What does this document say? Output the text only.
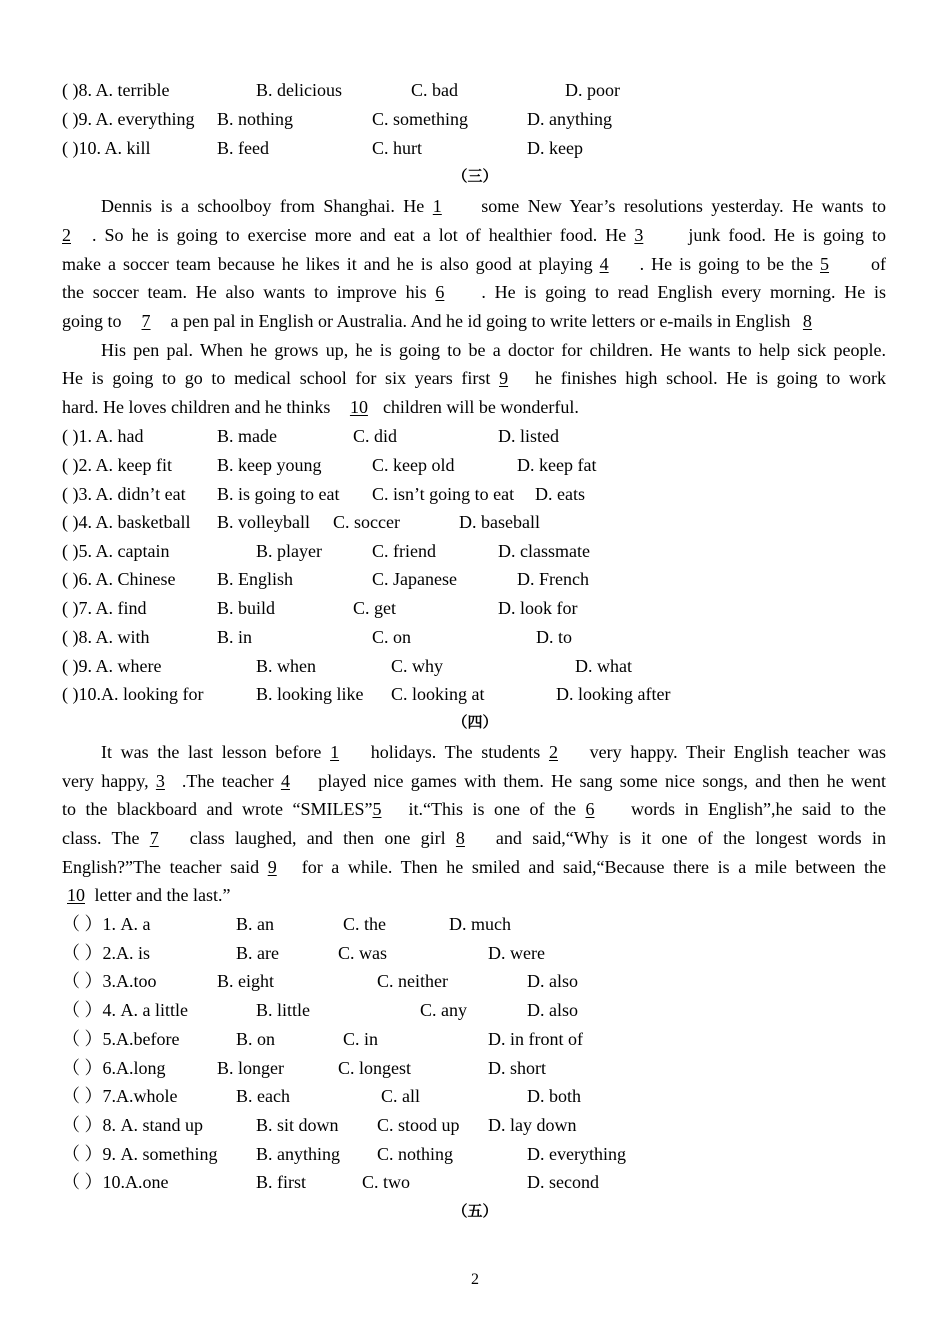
( )8. A. terrible	B. delicious	C. bad	D. poor
( )9. A. everything B. nothing	C. something	D. anything
( )10. A. kill	B. feed	C. hurt	D. keep
（三）
Dennis is a schoolboy from Shanghai. He 1 some New Year’s resolutions yesterday. He wants to
2 . So he is going to exercise more and eat a lot of healthier food. He 3 junk food. He is going to
make a soccer team because he likes it and he is also good at playing 4 . He is going to be the 5 of
the soccer team. He also wants to improve his 6 . He is going to read English every morning. He is
going to 7 a pen pal in English or Australia. And he id going to write letters or e-mails in English 8
His pen pal. When he grows up, he is going to be a doctor for children. He wants to help sick people.
He is going to go to medical school for six years first 9 he finishes high school. He is going to work
hard. He loves children and he thinks 10 children will be wonderful.
( )1. A. had	B. made	C. did	D. listed
( )2. A. keep fit	B. keep young	C. keep old	D. keep fat
( )3. A. didn’t eat B. is going to eat C. isn’t going to eat D. eats
( )4. A. basketball B. volleyball C. soccer	D. baseball
( )5. A. captain	B. player	C. friend	D. classmate
( )6. A. Chinese B. English	C. Japanese	D. French
( )7. A. find	B. build	C. get	D. look for
( )8. A. with	B. in	C. on	D. to
( )9. A. where	B. when	C. why	D. what
( )10.A. looking for	B. looking like C. looking at	D. looking after
（四）
It was the last lesson before 1 holidays. The students 2 very happy. Their English teacher was
very happy, 3 .The teacher 4 played nice games with them. He sang some nice songs, and then he went
to the blackboard and wrote “SMILES”5 it.“This is one of the 6 words in English”,he said to the
class. The 7 class laughed, and then one girl 8 and said,“Why is it one of the longest words in
English?”The teacher said 9 for a while. Then he smiled and said,“Because there is a mile between the
10 letter and the last.”
（ ）1. A. a	B. an	C. the	D. much
（ ）2.A. is	B. are	C. was	D. were
（ ）3.A.too	B. eight	C. neither	D. also
（ ）4. A. a little	B. little	C. any	D. also
（ ）5.A.before	B. on	C. in	D. in front of
（ ）6.A.long	B. longer	C. longest	D. short
（ ）7.A.whole	B. each	C. all	D. both
（ ）8. A. stand up	B. sit down C. stood up D. lay down
（ ）9. A. something B. anything C. nothing	D. everything
（ ）10.A.one	B. first	C. two	D. second
（五）
2
